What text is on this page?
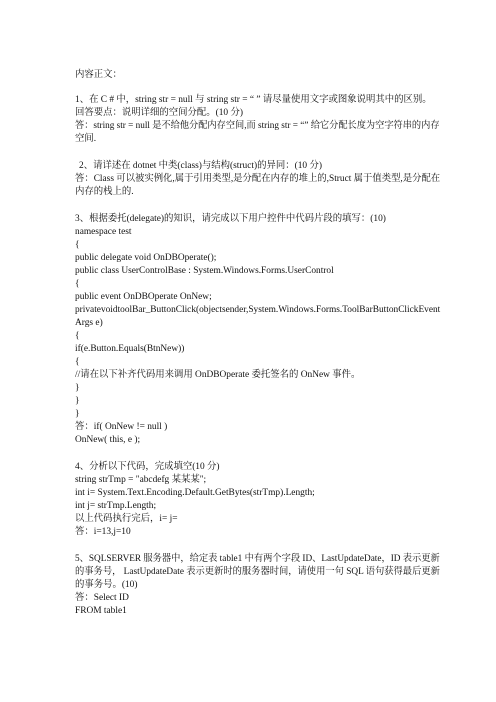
内容正文：
1、在 C # 中，string str = null 与 string str = “ ” 请尽量使用文字或图象说明其中的区别。
回答要点：说明详细的空间分配。(10 分)
答：string str = null 是不给他分配内存空间,而 string str = “” 给它分配长度为空字符串的内存
空间.
2、请详述在 dotnet 中类(class)与结构(struct)的异同：(10 分)
答：Class 可以被实例化,属于引用类型,是分配在内存的堆上的,Struct 属于值类型,是分配在
内存的栈上的.
3、根据委托(delegate)的知识，请完成以下用户控件中代码片段的填写：(10)
namespace test
{
public delegate void OnDBOperate();
public class UserControlBase : System.Windows.Forms.UserControl
{
public event OnDBOperate OnNew;
privatevoidtoolBar_ButtonClick(objectsender,System.Windows.Forms.ToolBarButtonClickEvent
Args e)
{
if(e.Button.Equals(BtnNew))
{
//请在以下补齐代码用来调用 OnDBOperate 委托签名的 OnNew 事件。
}
}
}
答：if( OnNew != null )
OnNew( this, e );
4、分析以下代码，完成填空(10 分)
string strTmp = "abcdefg 某某某";
int i= System.Text.Encoding.Default.GetBytes(strTmp).Length;
int j= strTmp.Length;
以上代码执行完后，i= j=
答：i=13,j=10
5、SQLSERVER 服务器中，给定表 table1 中有两个字段 ID、LastUpdateDate，ID 表示更新
的事务号， LastUpdateDate 表示更新时的服务器时间，请使用一句 SQL 语句获得最后更新
的事务号。(10)
答：Select ID
FROM table1
